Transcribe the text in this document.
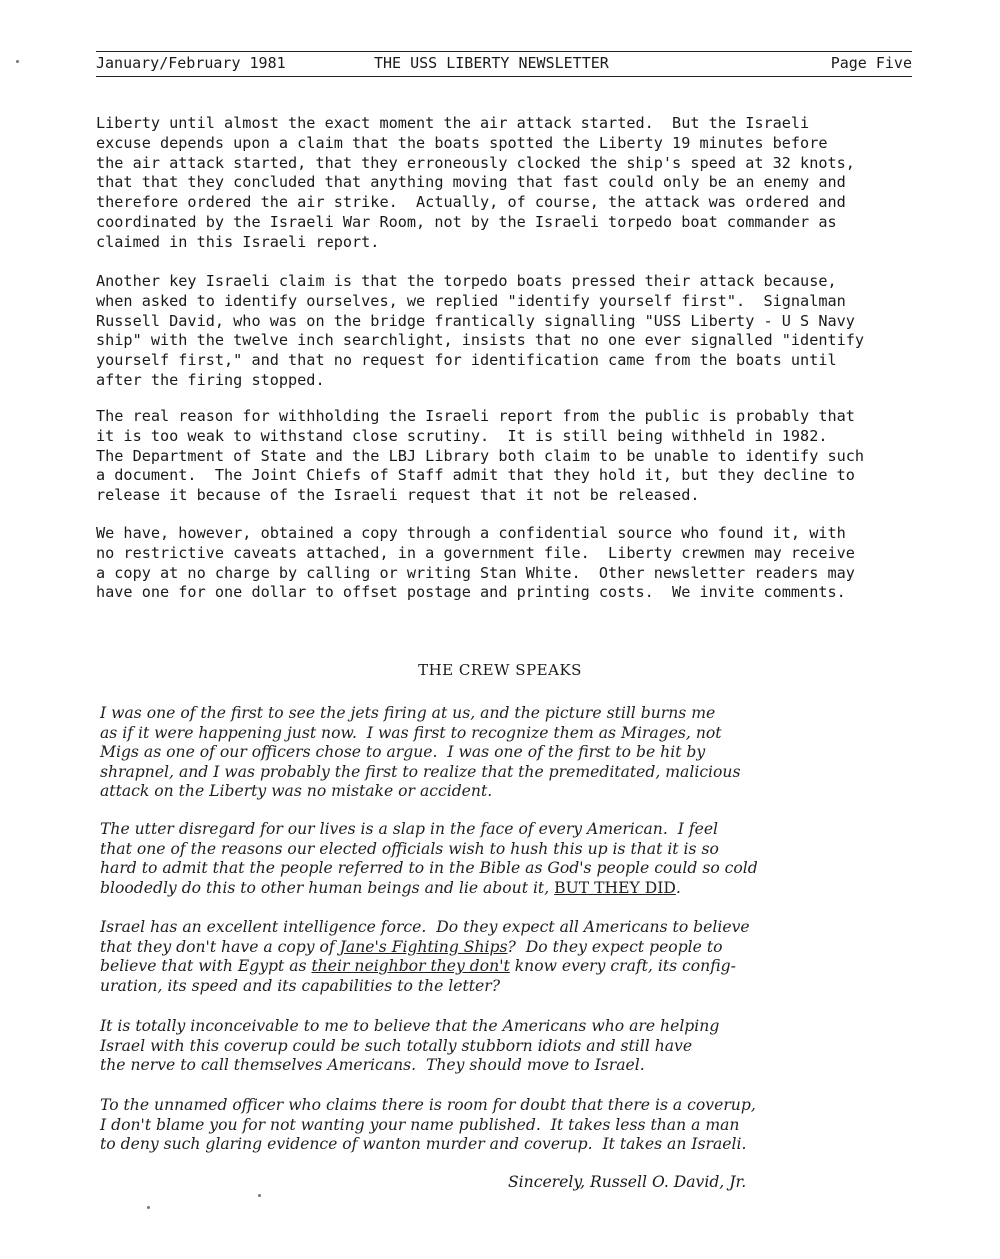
January/February 1981	THE USS LIBERTY NEWSLETTER	Page Five

Liberty until almost the exact moment the air attack started.  But the Israeli
excuse depends upon a claim that the boats spotted the Liberty 19 minutes before
the air attack started, that they erroneously clocked the ship's speed at 32 knots,
that that they concluded that anything moving that fast could only be an enemy and
therefore ordered the air strike.  Actually, of course, the attack was ordered and
coordinated by the Israeli War Room, not by the Israeli torpedo boat commander as
claimed in this Israeli report.

Another key Israeli claim is that the torpedo boats pressed their attack because,
when asked to identify ourselves, we replied "identify yourself first".  Signalman
Russell David, who was on the bridge frantically signalling "USS Liberty - U S Navy
ship" with the twelve inch searchlight, insists that no one ever signalled "identify
yourself first," and that no request for identification came from the boats until
after the firing stopped.

The real reason for withholding the Israeli report from the public is probably that
it is too weak to withstand close scrutiny.  It is still being withheld in 1982.
The Department of State and the LBJ Library both claim to be unable to identify such
a document.  The Joint Chiefs of Staff admit that they hold it, but they decline to
release it because of the Israeli request that it not be released.

We have, however, obtained a copy through a confidential source who found it, with
no restrictive caveats attached, in a government file.  Liberty crewmen may receive
a copy at no charge by calling or writing Stan White.  Other newsletter readers may
have one for one dollar to offset postage and printing costs.  We invite comments.

THE CREW SPEAKS

I was one of the first to see the jets firing at us, and the picture still burns me
as if it were happening just now.  I was first to recognize them as Mirages, not
Migs as one of our officers chose to argue.  I was one of the first to be hit by
shrapnel, and I was probably the first to realize that the premeditated, malicious
attack on the Liberty was no mistake or accident.

The utter disregard for our lives is a slap in the face of every American.  I feel
that one of the reasons our elected officials wish to hush this up is that it is so
hard to admit that the people referred to in the Bible as God's people could so cold
bloodedly do this to other human beings and lie about it, BUT THEY DID.

Israel has an excellent intelligence force.  Do they expect all Americans to believe
that they don't have a copy of Jane's Fighting Ships?  Do they expect people to
believe that with Egypt as their neighbor they don't know every craft, its config-
uration, its speed and its capabilities to the letter?

It is totally inconceivable to me to believe that the Americans who are helping
Israel with this coverup could be such totally stubborn idiots and still have
the nerve to call themselves Americans.  They should move to Israel.

To the unnamed officer who claims there is room for doubt that there is a coverup,
I don't blame you for not wanting your name published.  It takes less than a man
to deny such glaring evidence of wanton murder and coverup.  It takes an Israeli.

Sincerely, Russell O. David, Jr.
